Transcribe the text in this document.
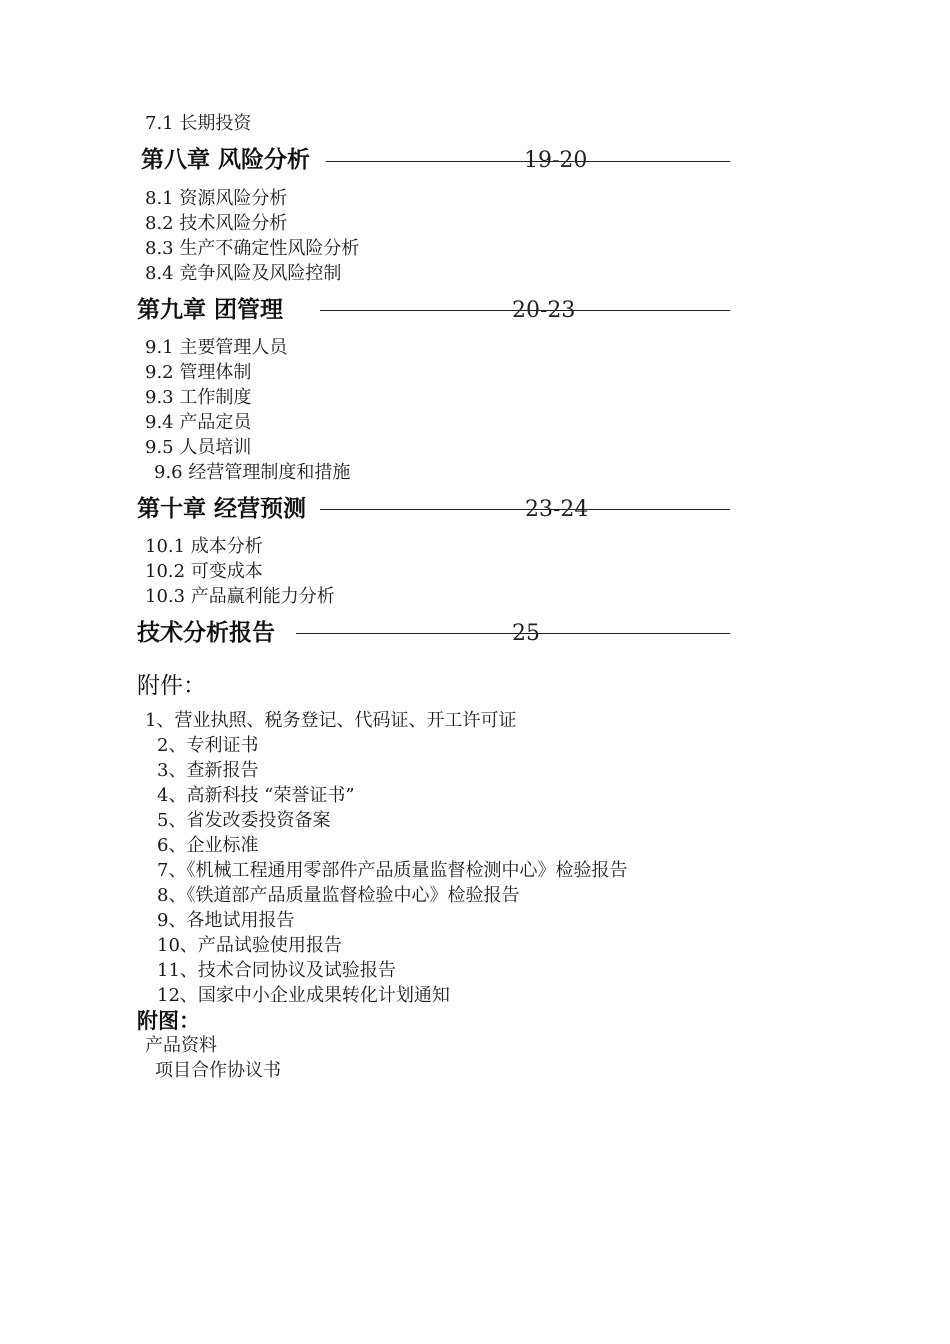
7.1 长期投资
第八章 风险分析	19-20
8.1 资源风险分析
8.2 技术风险分析
8.3 生产不确定性风险分析
8.4 竞争风险及风险控制
第九章 团管理	20-23
9.1 主要管理人员
9.2 管理体制
9.3 工作制度
9.4 产品定员
9.5 人员培训
9.6 经营管理制度和措施
第十章 经营预测	23-24
10.1 成本分析
10.2 可变成本
10.3 产品赢利能力分析
技术分析报告	25
附件：
1、营业执照、税务登记、代码证、开工许可证
2、专利证书
3、查新报告
4、高新科技 “荣誉证书”
5、省发改委投资备案
6、企业标准
7、《机械工程通用零部件产品质量监督检测中心》检验报告
8、《铁道部产品质量监督检验中心》检验报告
9、各地试用报告
10、产品试验使用报告
11、技术合同协议及试验报告
12、国家中小企业成果转化计划通知
附图：
产品资料
项目合作协议书
